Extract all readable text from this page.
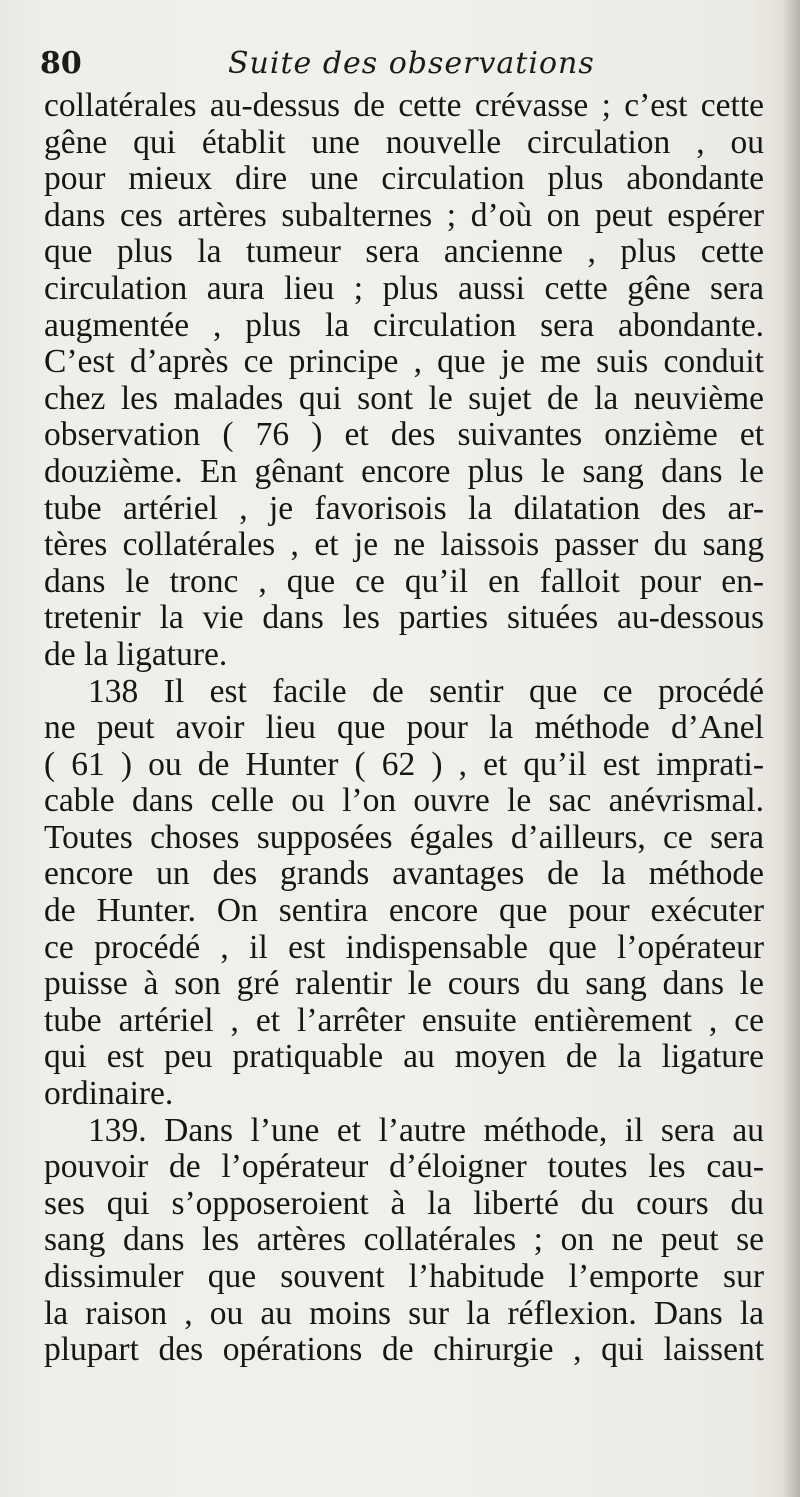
80	Suite des observations
collatérales au-dessus de cette crévasse ; c’est cette
gêne qui établit une nouvelle circulation , ou
pour mieux dire une circulation plus abondante
dans ces artères subalternes ; d’où on peut espérer
que plus la tumeur sera ancienne , plus cette
circulation aura lieu ; plus aussi cette gêne sera
augmentée , plus la circulation sera abondante.
C’est d’après ce principe , que je me suis conduit
chez les malades qui sont le sujet de la neuvième
observation ( 76 ) et des suivantes onzième et
douzième. En gênant encore plus le sang dans le
tube artériel , je favorisois la dilatation des ar-
tères collatérales , et je ne laissois passer du sang
dans le tronc , que ce qu’il en falloit pour en-
tretenir la vie dans les parties situées au-dessous
de la ligature.
138 Il est facile de sentir que ce procédé
ne peut avoir lieu que pour la méthode d’Anel
( 61 ) ou de Hunter ( 62 ) , et qu’il est imprati-
cable dans celle ou l’on ouvre le sac anévrismal.
Toutes choses supposées égales d’ailleurs, ce sera
encore un des grands avantages de la méthode
de Hunter. On sentira encore que pour exécuter
ce procédé , il est indispensable que l’opérateur
puisse à son gré ralentir le cours du sang dans le
tube artériel , et l’arrêter ensuite entièrement , ce
qui est peu pratiquable au moyen de la ligature
ordinaire.
139. Dans l’une et l’autre méthode, il sera au
pouvoir de l’opérateur d’éloigner toutes les cau-
ses qui s’opposeroient à la liberté du cours du
sang dans les artères collatérales ; on ne peut se
dissimuler que souvent l’habitude l’emporte sur
la raison , ou au moins sur la réflexion. Dans la
plupart des opérations de chirurgie , qui laissent
